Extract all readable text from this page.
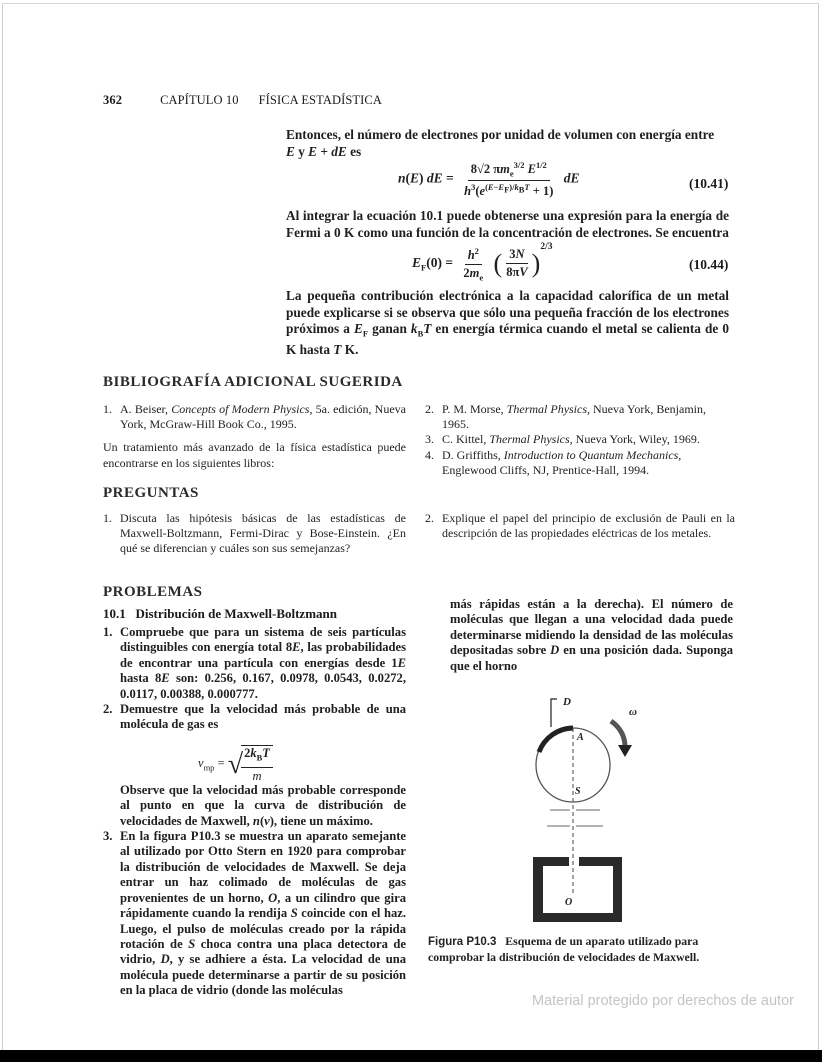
362	CAPÍTULO 10 FÍSICA ESTADÍSTICA
Entonces, el número de electrones por unidad de volumen con energía entre
E y E + dE es
n(E) dE = $\frac{8√2 \pi m_e^{3/2} E^{1/2}}{h^3(e^{(E-E_F)/k_BT} + 1)}$ dE	(10.41)
Al integrar la ecuación 10.1 puede obtenerse una expresión para la energía de Fermi a 0 K como una función de la concentración de electrones. Se encuentra
$E_F(0) = \frac{h^2}{2m_e}$ ( $\frac{3N}{8\pi V} )^{2/3}$
(10.44)
La pequeña contribución electrónica a la capacidad calorífica de un metal puede explicarse si se observa que sólo una pequeña fracción de los electrones próximos a $E_F$ ganan $k_BT$ en energía térmica cuando el metal se calienta de 0 K hasta T K.
BIBLIOGRAFÍA ADICIONAL SUGERIDA
1. A. Beiser, Concepts of Modern Physics, 5a. edición, Nueva York, McGraw-Hill Book Co., 1995.
Un tratamiento más avanzado de la física estadística puede encontrarse en los siguientes libros:
2. P. M. Morse, Thermal Physics, Nueva York, Benjamin, 1965.
3. C. Kittel, Thermal Physics, Nueva York, Wiley, 1969.
4. D. Griffiths, Introduction to Quantum Mechanics, Englewood Cliffs, NJ, Prentice-Hall, 1994.
PREGUNTAS
1. Discuta las hipótesis básicas de las estadísticas de Maxwell-Boltzmann, Fermi-Dirac y Bose-Einstein. ¿En qué se diferencian y cuáles son sus semejanzas?
2. Explique el papel del principio de exclusión de Pauli en la descripción de las propiedades eléctricas de los metales.
PROBLEMAS
10.1   Distribución de Maxwell-Boltzmann
1. Compruebe que para un sistema de seis partículas distinguibles con energía total 8E, las probabilidades de encontrar una partícula con energías desde 1E hasta 8E son: 0.256, 0.167, 0.0978, 0.0543, 0.0272, 0.0117, 0.00388, 0.000777.
2. Demuestre que la velocidad más probable de una molécula de gas es
$v_{mp}$ = √
$\frac{2k_BT}{m}$
Observe que la velocidad más probable corresponde al punto en que la curva de distribución de velocidades de Maxwell, n(v), tiene un máximo.
3. En la figura P10.3 se muestra un aparato semejante al utilizado por Otto Stern en 1920 para comprobar la distribución de velocidades de Maxwell. Se deja entrar un haz colimado de moléculas de gas provenientes de un horno, O, a un cilindro que gira rápidamente cuando la rendija S coincide con el haz. Luego, el pulso de moléculas creado por la rápida rotación de S choca contra una placa detectora de vidrio, D, y se adhiere a ésta. La velocidad de una molécula puede determinarse a partir de su posición en la placa de vidrio (donde las moléculas
más rápidas están a la derecha). El número de moléculas que llegan a una velocidad dada puede determinarse midiendo la densidad de las moléculas depositadas sobre D en una posición dada. Suponga que el horno
D
A
S
ω
O
Figura P10.3 Esquema de un aparato utilizado para comprobar la distribución de velocidades de Maxwell.
Material protegido por derechos de autor
